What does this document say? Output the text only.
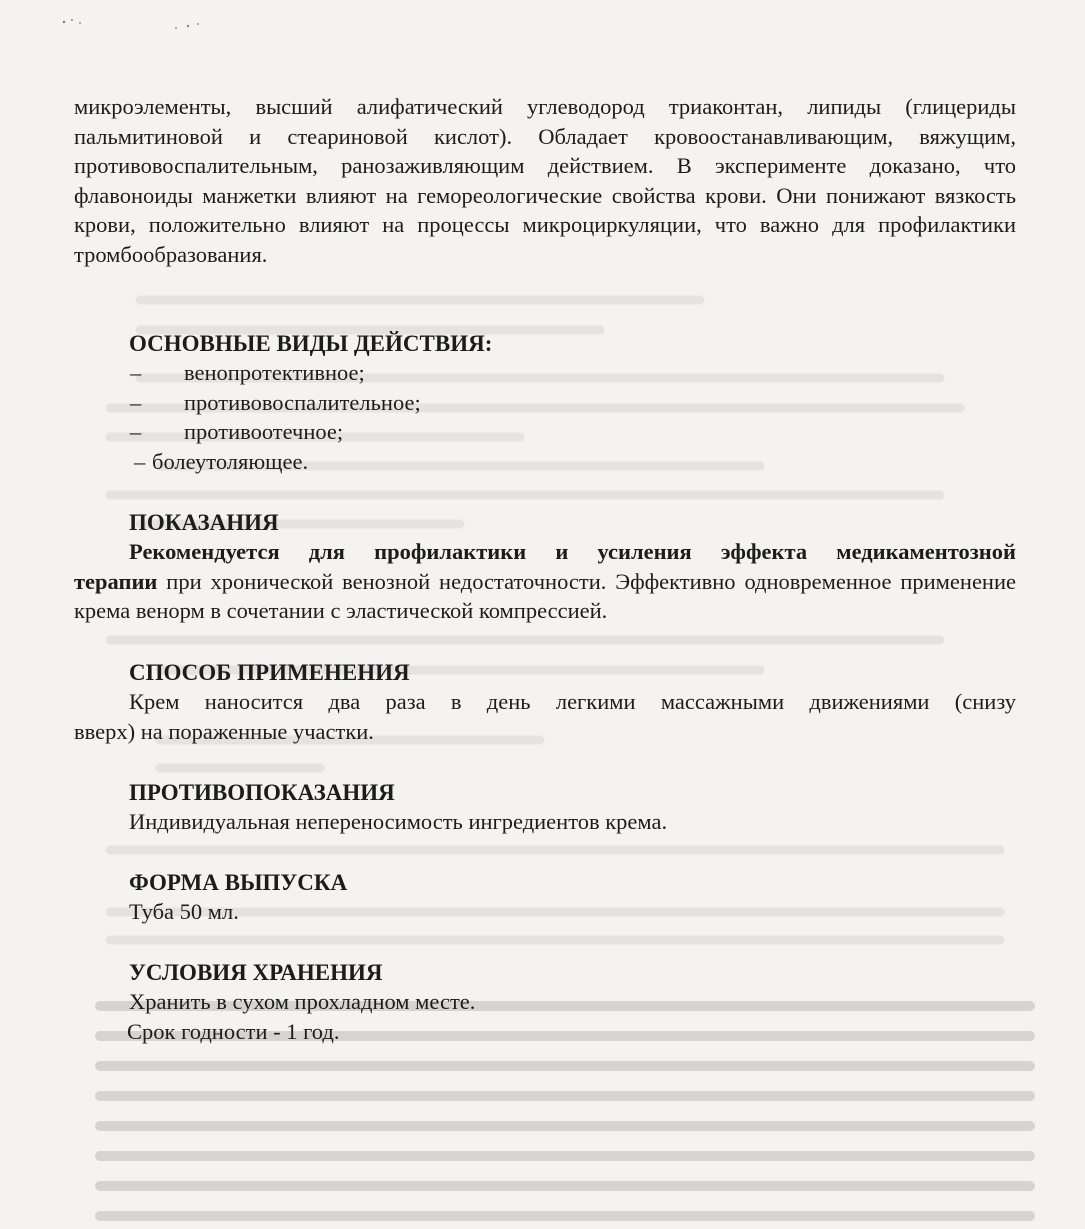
микроэлементы, высший алифатический углеводород триаконтан, липиды (глицериды пальмитиновой и стеариновой кислот). Обладает кровоостанавливающим, вяжущим, противовоспалительным, ранозаживляющим действием. В эксперименте доказано, что флавоноиды манжетки влияют на гемореологические свойства крови. Они понижают вязкость крови, положительно влияют на процессы микроциркуляции, что важно для профилактики тромбообразования.

ОСНОВНЫЕ ВИДЫ ДЕЙСТВИЯ:

– венопротективное;
– противовоспалительное;
– противоотечное;
– болеутоляющее.

ПОКАЗАНИЯ

Рекомендуется для профилактики и усиления эффекта медикаментознойтерапии при хронической венозной недостаточности. Эффективно одновременное применение крема венорм в сочетании с эластической компрессией.

СПОСОБ ПРИМЕНЕНИЯ

Крем наносится два раза в день легкими массажными движениями (снизу
вверх) на пораженные участки.

ПРОТИВОПОКАЗАНИЯ

Индивидуальная непереносимость ингредиентов крема.

ФОРМА ВЫПУСКА

Туба 50 мл.

УСЛОВИЯ ХРАНЕНИЯ

Хранить в сухом прохладном месте.

Срок годности - 1 год.
